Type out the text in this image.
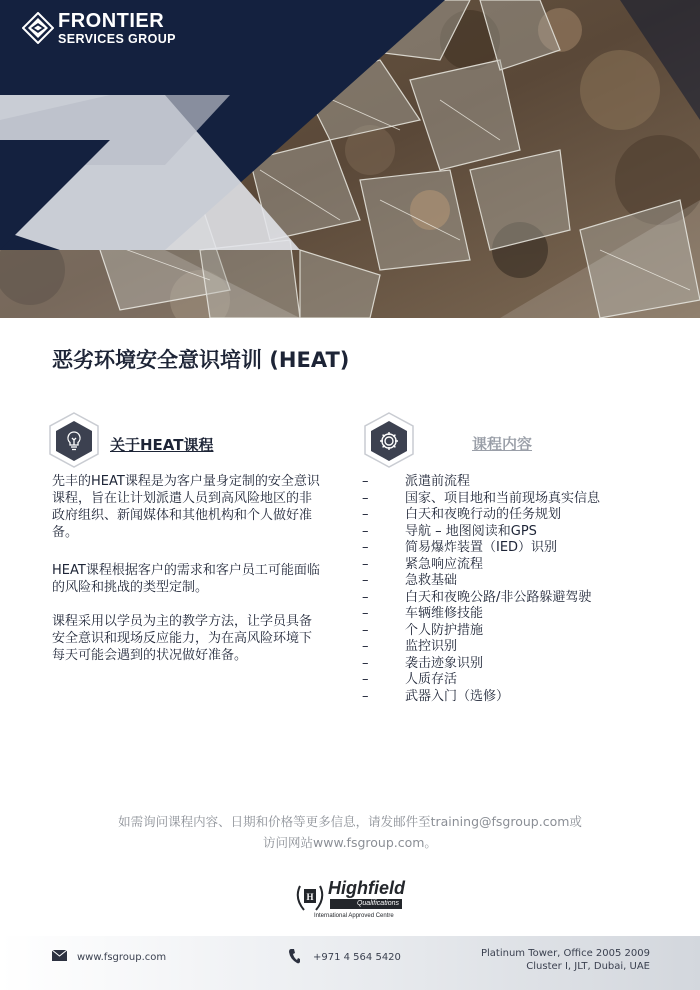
FRONTIER
SERVICES GROUP
恶劣环境安全意识培训 (HEAT)
关于HEAT课程

先丰的HEAT课程是为客户量身定制的安全意识课程，旨在让计划派遣人员到高风险地区的非政府组织、新闻媒体和其他机构和个人做好准备。

HEAT课程根据客户的需求和客户员工可能面临的风险和挑战的类型定制。

课程采用以学员为主的教学方法，让学员具备安全意识和现场反应能力，为在高风险环境下每天可能会遇到的状况做好准备。

课程内容
–	派遣前流程
–	国家、项目地和当前现场真实信息
–	白天和夜晚行动的任务规划
–	导航 – 地图阅读和GPS
–	简易爆炸装置（IED）识别
–	紧急响应流程
–	急救基础
–	白天和夜晚公路/非公路躲避驾驶
–	车辆维修技能
–	个人防护措施
–	监控识别
–	袭击迹象识别
–	人质存活
–	武器入门（选修）

如需询问课程内容、日期和价格等更多信息，请发邮件至training@fsgroup.com或

访问网站www.fsgroup.com。

H Highfield
Qualifications
International Approved Centre
www.fsgroup.com	+971 4 564 5420	Platinum Tower, Office 2005 2009
Cluster I, JLT, Dubai, UAE
